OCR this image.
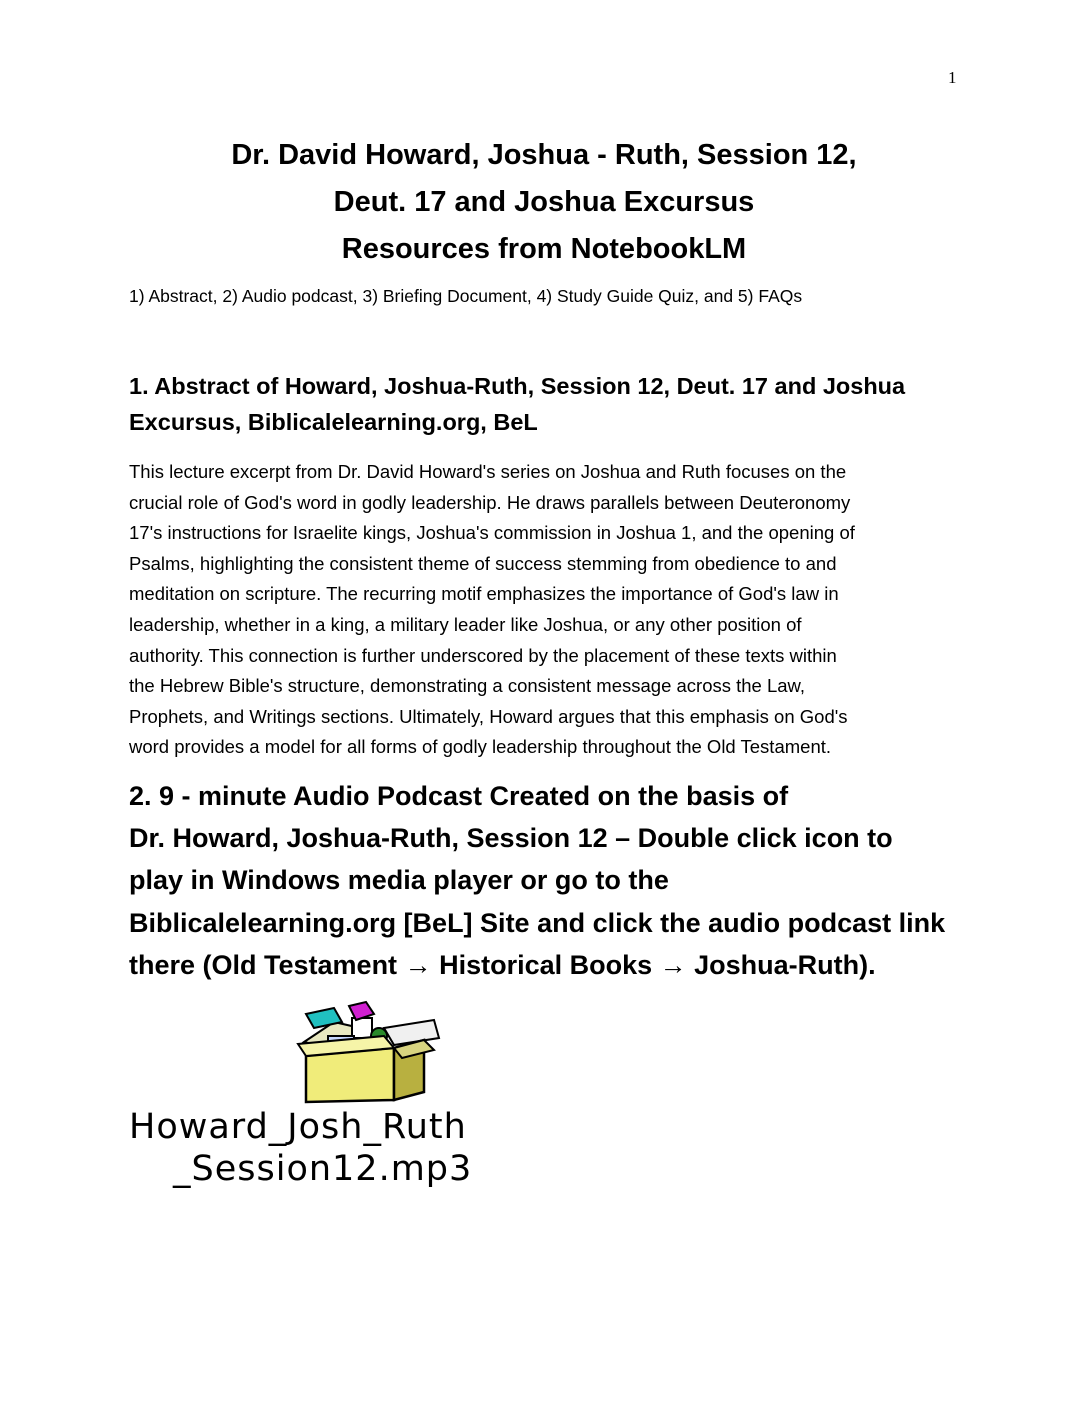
1
Dr. David Howard, Joshua - Ruth, Session 12,
Deut. 17 and Joshua Excursus
Resources from NotebookLM
1) Abstract, 2) Audio podcast, 3) Briefing Document, 4) Study Guide Quiz, and 5) FAQs
1. Abstract of Howard, Joshua-Ruth, Session 12, Deut. 17 and Joshua
Excursus, Biblicalelearning.org, BeL
This lecture excerpt from Dr. David Howard's series on Joshua and Ruth focuses on the
crucial role of God's word in godly leadership. He draws parallels between Deuteronomy
17's instructions for Israelite kings, Joshua's commission in Joshua 1, and the opening of
Psalms, highlighting the consistent theme of success stemming from obedience to and
meditation on scripture. The recurring motif emphasizes the importance of God's law in
leadership, whether in a king, a military leader like Joshua, or any other position of
authority. This connection is further underscored by the placement of these texts within
the Hebrew Bible's structure, demonstrating a consistent message across the Law,
Prophets, and Writings sections. Ultimately, Howard argues that this emphasis on God's
word provides a model for all forms of godly leadership throughout the Old Testament.
2. 9 - minute Audio Podcast Created on the basis of
Dr. Howard, Joshua-Ruth, Session 12 – Double click icon to
play in Windows media player or go to the
Biblicalelearning.org [BeL] Site and click the audio podcast link
there (Old Testament → Historical Books → Joshua-Ruth).
Howard_Josh_Ruth
_Session12.mp3
